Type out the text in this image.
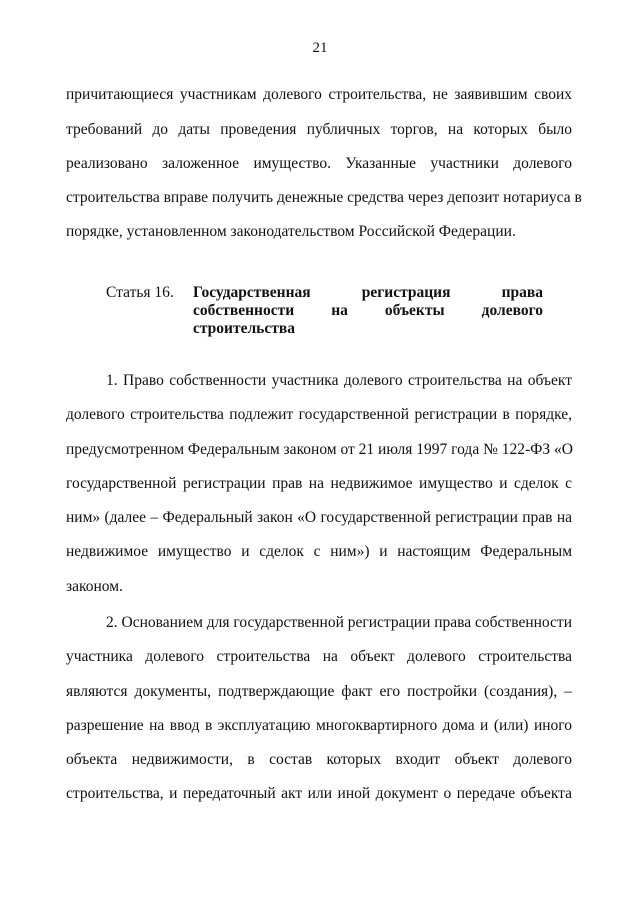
21
причитающиеся участникам долевого строительства, не заявившим своих
требований до даты проведения публичных торгов, на которых было
реализовано заложенное имущество. Указанные участники долевого
строительства вправе получить денежные средства через депозит нотариуса в
порядке, установленном законодательством Российской Федерации.
Статья 16. Государственная регистрация права
собственности на объекты долевого
строительства
1. Право собственности участника долевого строительства на объект
долевого строительства подлежит государственной регистрации в порядке,
предусмотренном Федеральным законом от 21 июля 1997 года № 122-ФЗ «О
государственной регистрации прав на недвижимое имущество и сделок с
ним» (далее – Федеральный закон «О государственной регистрации прав на
недвижимое имущество и сделок с ним») и настоящим Федеральным
законом.
2. Основанием для государственной регистрации права собственности
участника долевого строительства на объект долевого строительства
являются документы, подтверждающие факт его постройки (создания), –
разрешение на ввод в эксплуатацию многоквартирного дома и (или) иного
объекта недвижимости, в состав которых входит объект долевого
строительства, и передаточный акт или иной документ о передаче объекта
